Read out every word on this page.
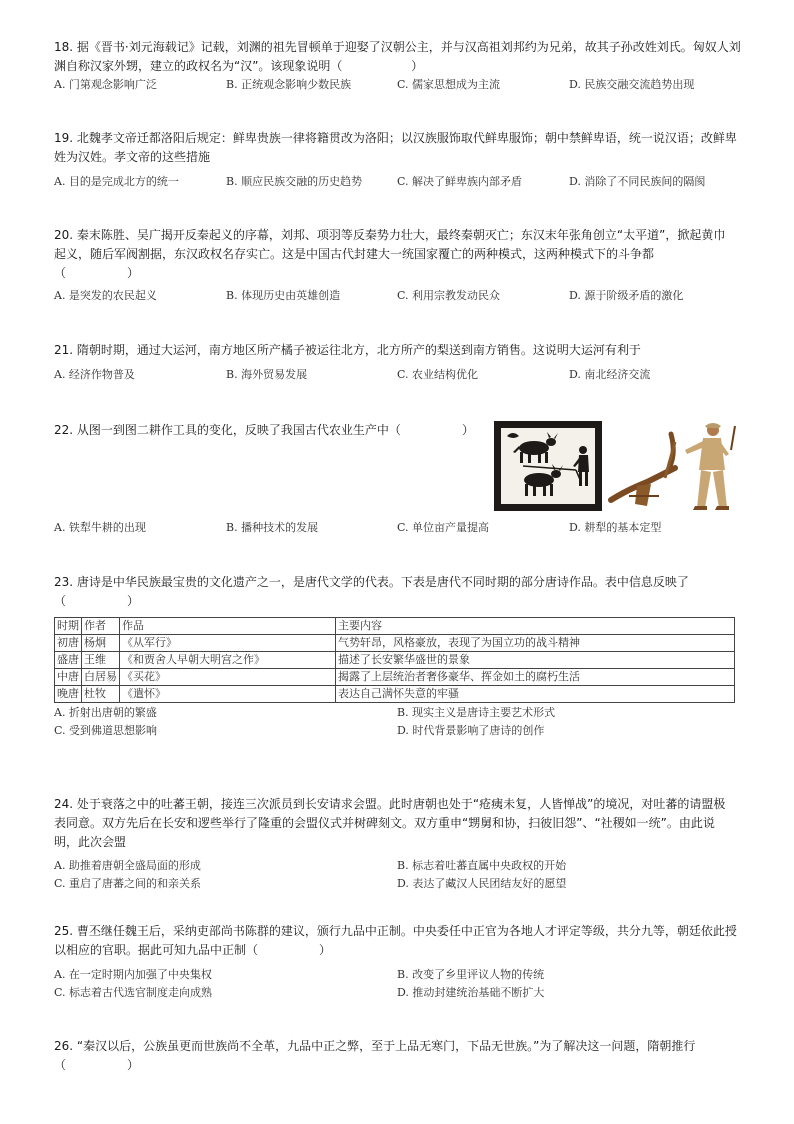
18. 据《晋书·刘元海载记》记载，刘渊的祖先冒顿单于迎娶了汉朝公主，并与汉高祖刘邦约为兄弟，故其子孙改姓刘氏。匈奴人刘

渊自称汉家外甥，建立的政权名为“汉”。该现象说明（	）

A. 门第观念影响广泛	B. 正统观念影响少数民族	C. 儒家思想成为主流	D. 民族交融交流趋势出现

19. 北魏孝文帝迁都洛阳后规定：鲜卑贵族一律将籍贯改为洛阳；以汉族服饰取代鲜卑服饰；朝中禁鲜卑语，统一说汉语；改鲜卑

姓为汉姓。孝文帝的这些措施

A. 目的是完成北方的统一	B. 顺应民族交融的历史趋势	C. 解决了鲜卑族内部矛盾	D. 消除了不同民族间的隔阂

20. 秦末陈胜、吴广揭开反秦起义的序幕，刘邦、项羽等反秦势力壮大，最终秦朝灭亡；东汉末年张角创立“太平道”，掀起黄巾

起义，随后军阀割据，东汉政权名存实亡。这是中国古代封建大一统国家覆亡的两种模式，这两种模式下的斗争都

（	）

A. 是突发的农民起义	B. 体现历史由英雄创造	C. 利用宗教发动民众	D. 源于阶级矛盾的激化

21. 隋朝时期，通过大运河，南方地区所产橘子被运往北方，北方所产的梨送到南方销售。这说明大运河有利于

A. 经济作物普及	B. 海外贸易发展	C. 农业结构优化	D. 南北经济交流

22. 从图一到图二耕作工具的变化，反映了我国古代农业生产中（	）

A. 铁犁牛耕的出现	B. 播种技术的发展	C. 单位亩产量提高	D. 耕犁的基本定型

23. 唐诗是中华民族最宝贵的文化遗产之一，是唐代文学的代表。下表是唐代不同时期的部分唐诗作品。表中信息反映了

（	）

时期	作者	作品	主要内容
初唐	杨炯	《从军行》	气势轩昂，风格豪放，表现了为国立功的战斗精神
盛唐	王维	《和贾舍人早朝大明宫之作》	描述了长安繁华盛世的景象
中唐	白居易	《买花》	揭露了上层统治者奢侈豪华、挥金如土的腐朽生活
晚唐	杜牧	《遣怀》	表达自己满怀失意的牢骚
A. 折射出唐朝的繁盛	B. 现实主义是唐诗主要艺术形式
C. 受到佛道思想影响	D. 时代背景影响了唐诗的创作

24. 处于衰落之中的吐蕃王朝，接连三次派员到长安请求会盟。此时唐朝也处于“疮痍未复，人皆惮战”的境况，对吐蕃的请盟极

表同意。双方先后在长安和逻些举行了隆重的会盟仪式并树碑刻文。双方重申“甥舅和协，扫彼旧怨”、“社稷如一统”。由此说

明，此次会盟

A. 助推着唐朝全盛局面的形成	B. 标志着吐蕃直属中央政权的开始
C. 重启了唐蕃之间的和亲关系	D. 表达了藏汉人民团结友好的愿望

25. 曹丕继任魏王后，采纳吏部尚书陈群的建议，颁行九品中正制。中央委任中正官为各地人才评定等级，共分九等，朝廷依此授

以相应的官职。据此可知九品中正制（	）

A. 在一定时期内加强了中央集权	B. 改变了乡里评议人物的传统
C. 标志着古代选官制度走向成熟	D. 推动封建统治基础不断扩大

26. “秦汉以后，公族虽更而世族尚不全革，九品中正之弊，至于上品无寒门，下品无世族。”为了解决这一问题，隋朝推行

（	）
